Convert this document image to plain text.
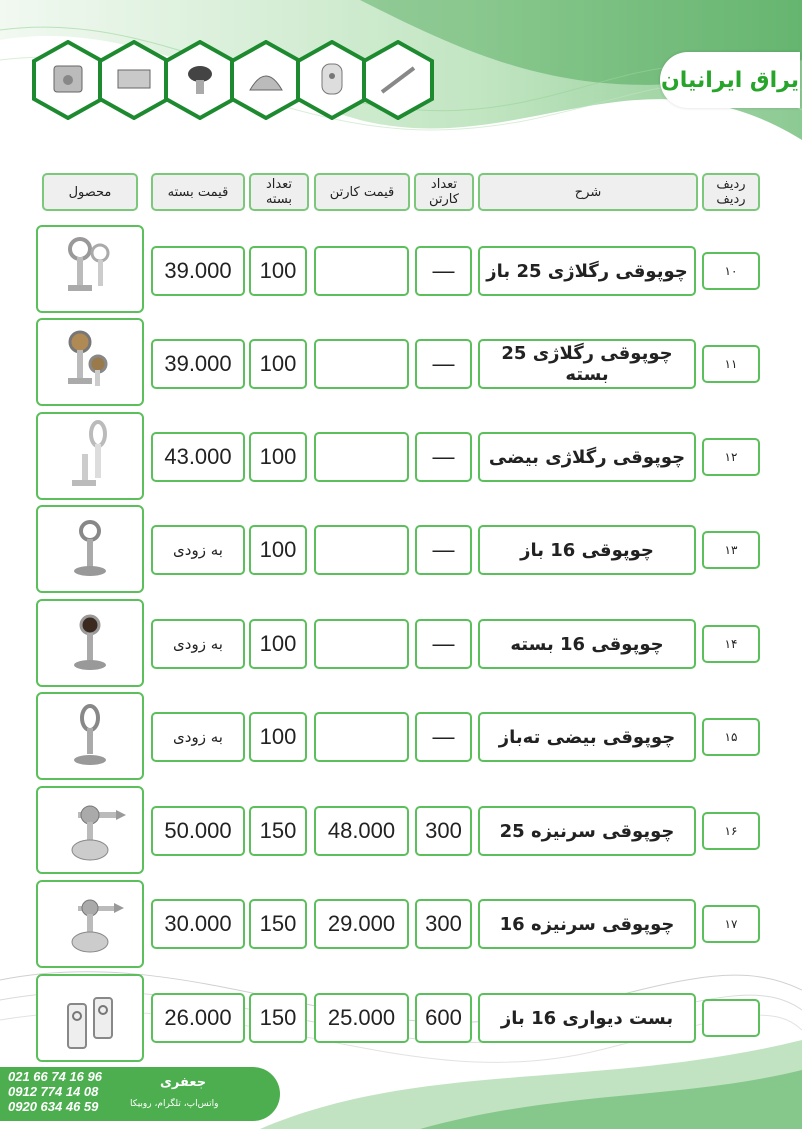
یراق ایرانیان
ردیف
ردیف
شرح
تعداد
کارتن
قیمت کارتن
تعداد
بسته
قیمت بسته
محصول
۱۰
چوپوقی رگلاژی 25 باز
—
100
39.000
۱۱
چوپوقی رگلاژی 25 بسته
—
100
39.000
۱۲
چوپوقی رگلاژی بیضی
—
100
43.000
۱۳
چوپوقی 16 باز
—
100
به زودی
۱۴
چوپوقی 16 بسته
—
100
به زودی
۱۵
چوپوقی بیضی ته‌باز
—
100
به زودی
۱۶
چوپوقی سرنیزه 25
300
48.000
150
50.000
۱۷
چوپوقی سرنیزه 16
300
29.000
150
30.000
بست دیواری 16 باز
600
25.000
150
26.000
021 66 74 16 96
0912 774 14 08
0920 634 46 59
جعفری
واتس‌اپ، تلگرام، روبیکا
